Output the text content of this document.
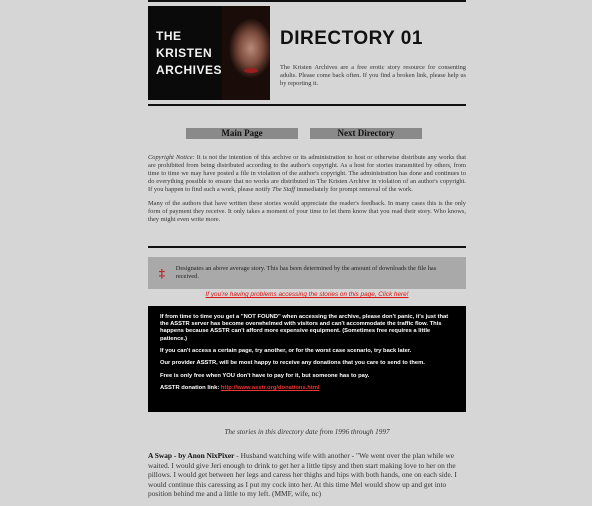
THE
KRISTEN
ARCHIVES
DIRECTORY 01
The Kristen Archives are a free erotic story resource for consenting adults. Please come back often. If you find a broken link, please help us by reporting it.
Main Page	Next Directory

Copyright Notice: It is not the intention of this archive or its administration to host or otherwise distribute any works that are prohibited from being distributed according to the author's copyright. As a host for stories transmitted by others, from time to time we may have posted a file in violation of the author's copyright. The administration has done and continues to do everything possible to ensure that no works are distributed in The Kristen Archive in violation of an author's copyright. If you happen to find such a work, please notify The Staff immediately for prompt removal of the work.

Many of the authors that have written these stories would appreciate the reader's feedback. In many cases this is the only form of payment they receive. It only takes a moment of your time to let them know that you read their story. Who knows, they might even write more.

‡	Designates an above average story. This has been determined by the amount of downloads the file has received.
If you're having problems accessing the stories on this page, Click here!

If from time to time you get a "NOT FOUND" when accessing the archive, please don't panic, it's just that the ASSTR server has become overwhelmed with visitors and can't accommodate the traffic flow. This happens because ASSTR can't afford more expensive equipment. (Sometimes free requires a little patience.)

If you can't access a certain page, try another, or for the worst case scenario, try back later.

Our provider ASSTR, will be most happy to receive any donations that you care to send to them.

Free is only free when YOU don't have to pay for it, but someone has to pay.

ASSTR donation link: http://www.asstr.org/donations.html

The stories in this directory date from 1996 through 1997
A Swap - by Anon NixPixer - Husband watching wife with another - "We went over the plan while we waited. I would give Jeri enough to drink to get her a little tipsy and then start making love to her on the pillows. I would get between her legs and caress her thighs and hips with both hands, one on each side. I would continue this caressing as I put my cock into her. At this time Mel would show up and get into position behind me and a little to my left. (MMF, wife, nc)
